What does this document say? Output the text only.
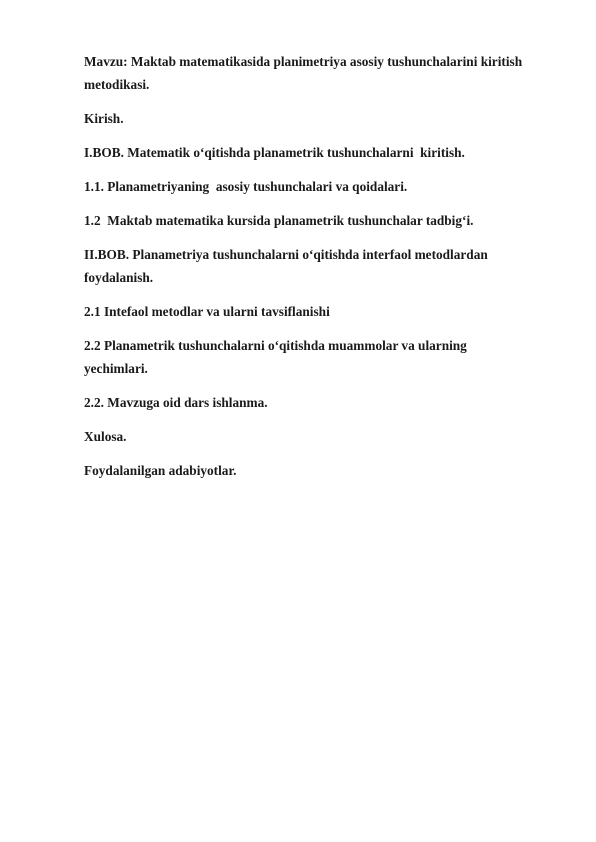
Mavzu: Maktab matematikasida planimetriya asosiy tushunchalarini kiritish metodikasi.
Kirish.
I.BOB. Matematik o‘qitishda planametrik tushunchalarni  kiritish.
1.1. Planametriyaning  asosiy tushunchalari va qoidalari.
1.2  Maktab matematika kursida planametrik tushunchalar tadbig‘i.
II.BOB. Planametriya tushunchalarni o‘qitishda interfaol metodlardan foydalanish.
2.1 Intefaol metodlar va ularni tavsiflanishi
2.2 Planametrik tushunchalarni o‘qitishda muammolar va ularning yechimlari.
2.2. Mavzuga oid dars ishlanma.
Xulosa.
Foydalanilgan adabiyotlar.
